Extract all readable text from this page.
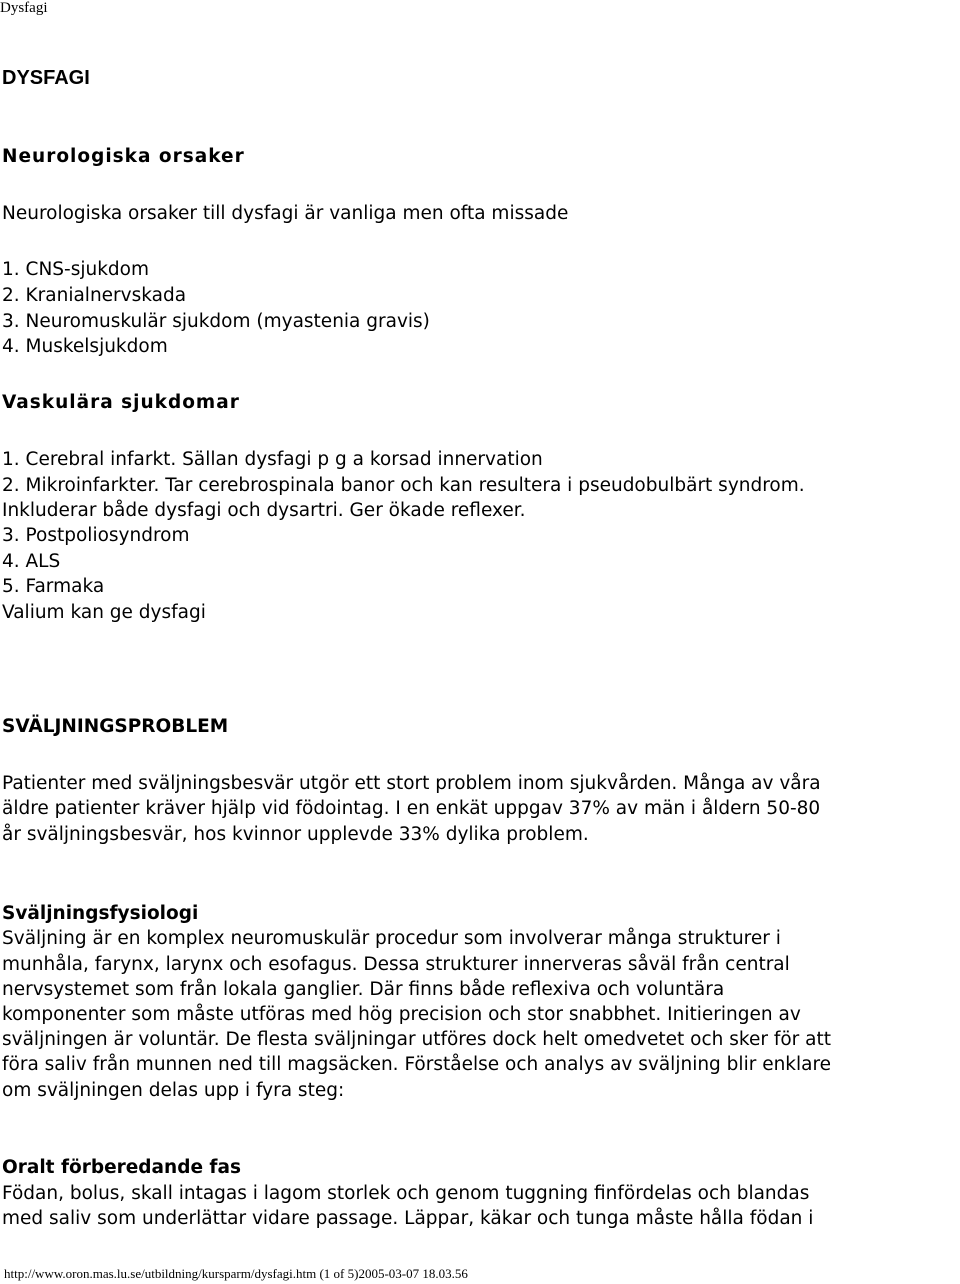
Dysfagi
DYSFAGI
Neurologiska orsaker
Neurologiska orsaker till dysfagi är vanliga men ofta missade
1. CNS-sjukdom
2. Kranialnervskada
3. Neuromuskulär sjukdom (myastenia gravis)
4. Muskelsjukdom
Vaskulära sjukdomar
1. Cerebral infarkt. Sällan dysfagi p g a korsad innervation
2. Mikroinfarkter. Tar cerebrospinala banor och kan resultera i pseudobulbärt syndrom.
Inkluderar både dysfagi och dysartri. Ger ökade reflexer.
3. Postpoliosyndrom
4. ALS
5. Farmaka
Valium kan ge dysfagi
SVÄLJNINGSPROBLEM
Patienter med sväljningsbesvär utgör ett stort problem inom sjukvården. Många av våra
äldre patienter kräver hjälp vid födointag. I en enkät uppgav 37% av män i åldern 50-80
år sväljningsbesvär, hos kvinnor upplevde 33% dylika problem.
Sväljningsfysiologi
Sväljning är en komplex neuromuskulär procedur som involverar många strukturer i
munhåla, farynx, larynx och esofagus. Dessa strukturer innerveras såväl från central
nervsystemet som från lokala ganglier. Där finns både reflexiva och voluntära
komponenter som måste utföras med hög precision och stor snabbhet. Initieringen av
sväljningen är voluntär. De flesta sväljningar utföres dock helt omedvetet och sker för att
föra saliv från munnen ned till magsäcken. Förståelse och analys av sväljning blir enklare
om sväljningen delas upp i fyra steg:
Oralt förberedande fas
Födan, bolus, skall intagas i lagom storlek och genom tuggning finfördelas och blandas
med saliv som underlättar vidare passage. Läppar, käkar och tunga måste hålla födan i
http://www.oron.mas.lu.se/utbildning/kursparm/dysfagi.htm (1 of 5)2005-03-07 18.03.56
